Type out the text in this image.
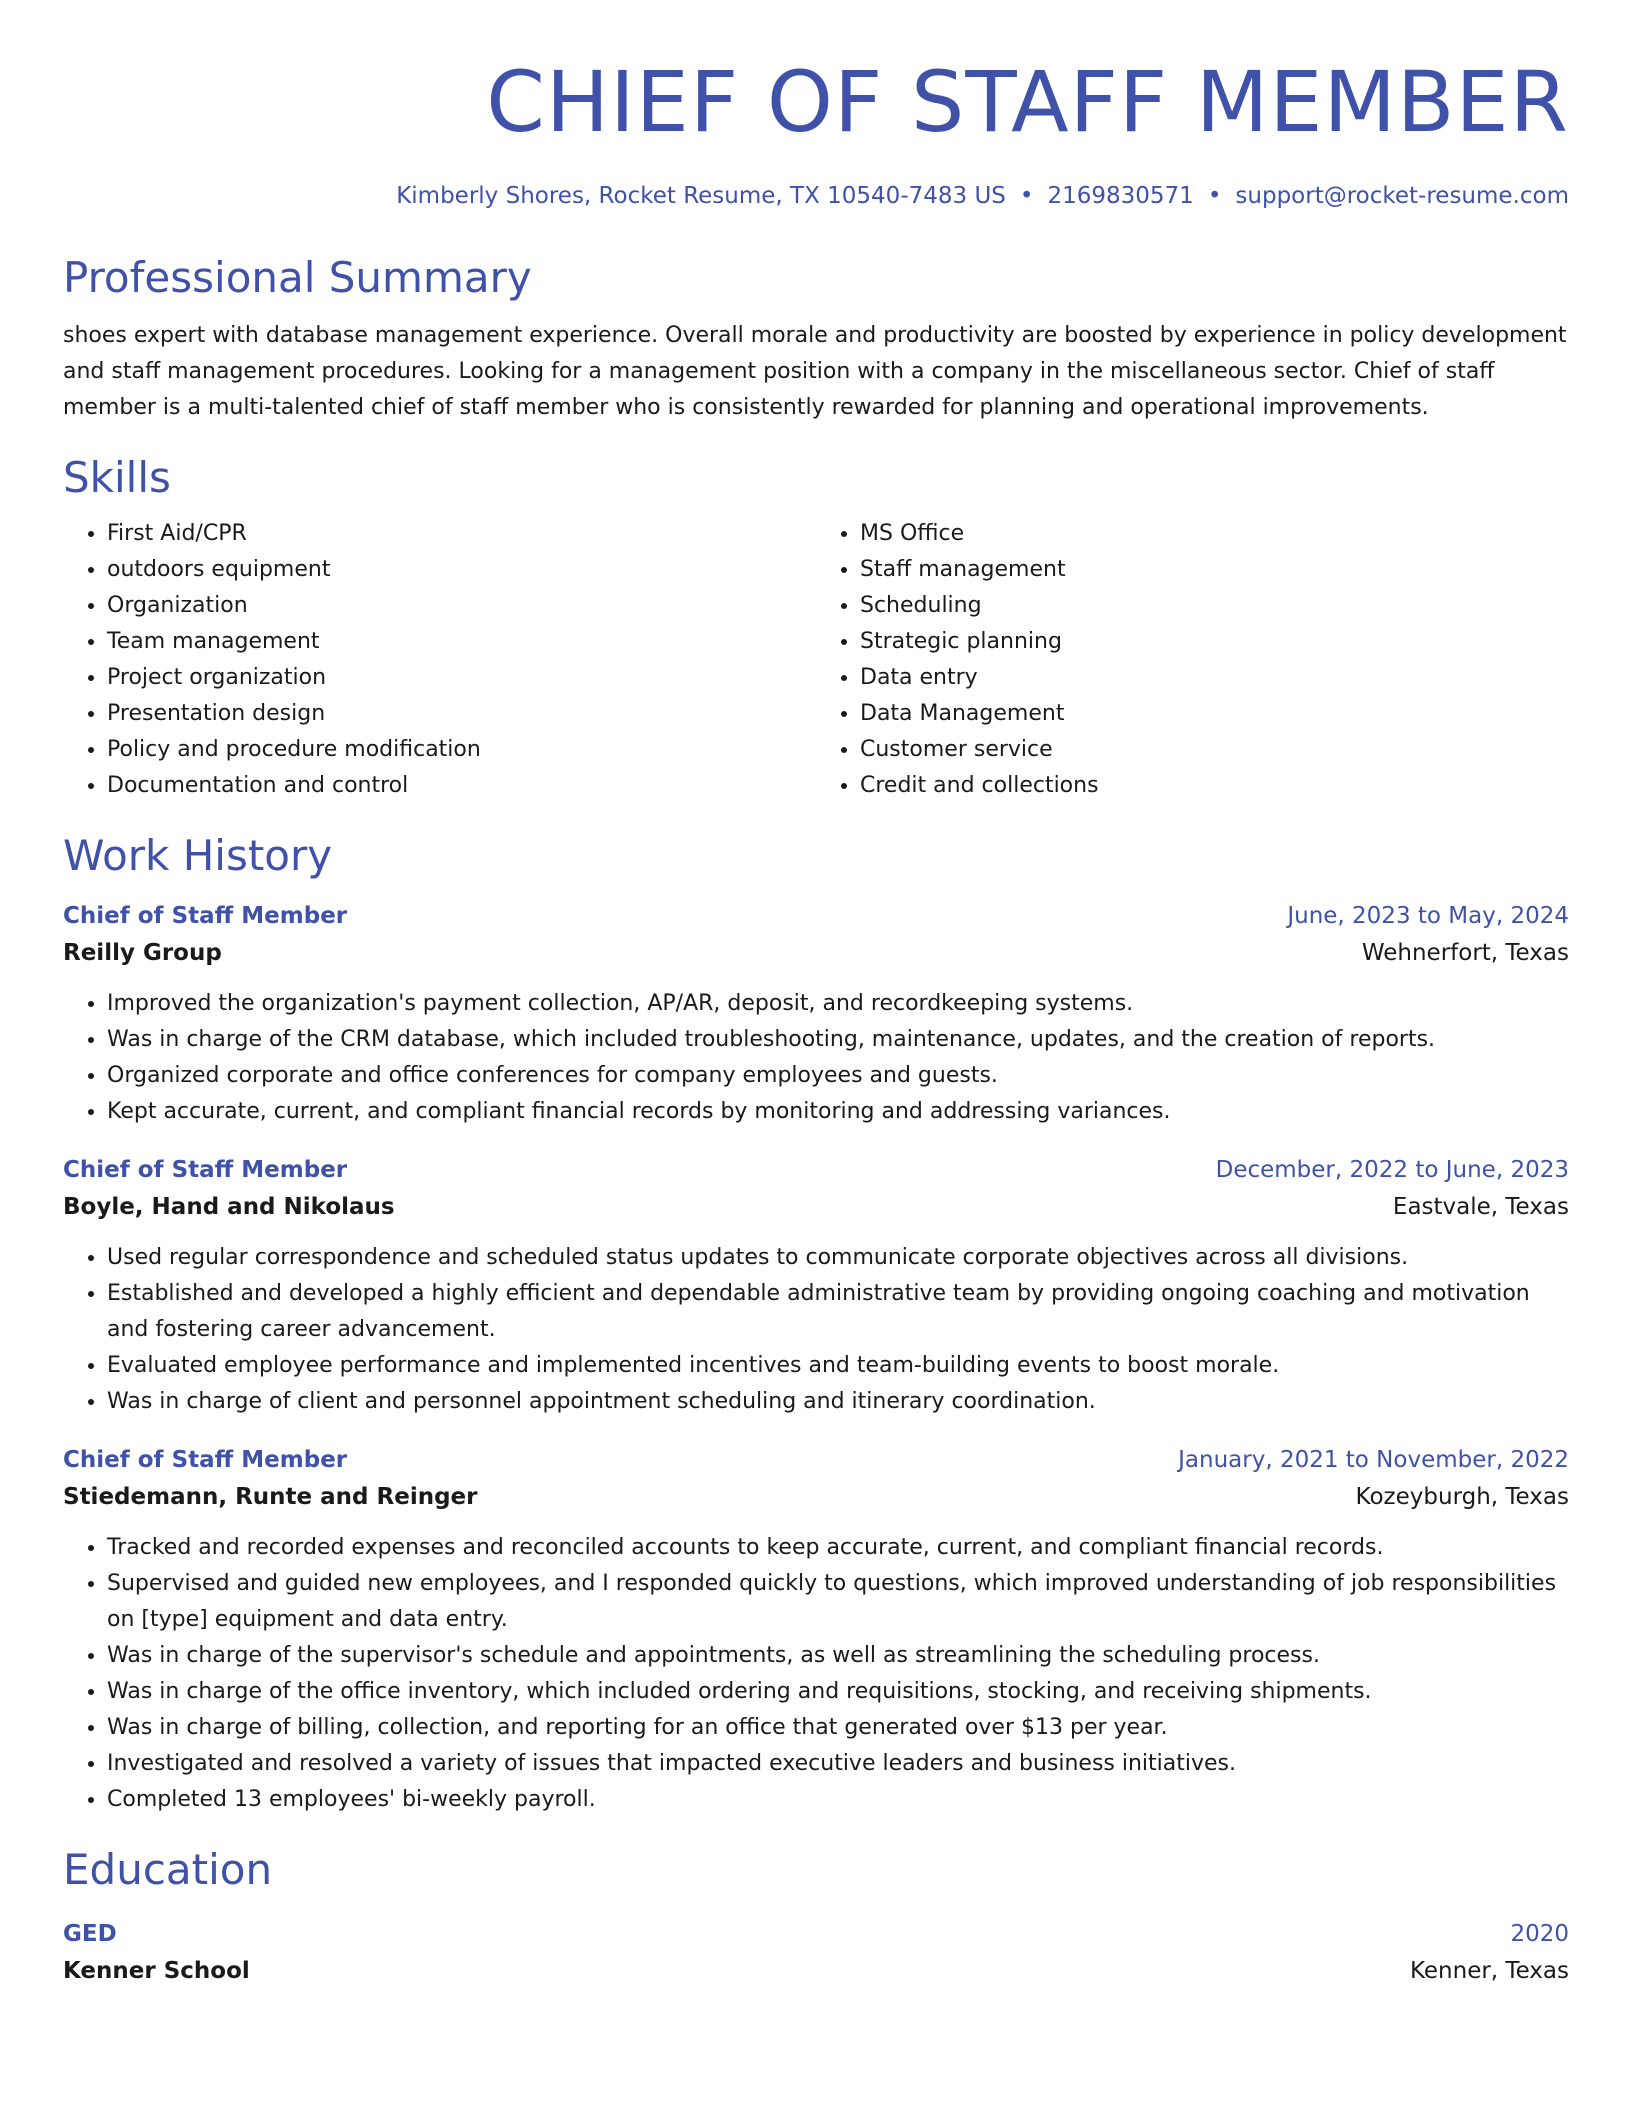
CHIEF OF STAFF MEMBER
Kimberly Shores, Rocket Resume, TX 10540-7483 US • 2169830571 • support@rocket-resume.com
Professional Summary

shoes expert with database management experience. Overall morale and productivity are boosted by experience in policy development and staff management procedures. Looking for a management position with a company in the miscellaneous sector. Chief of staff member is a multi-talented chief of staff member who is consistently rewarded for planning and operational improvements.

Skills
• First Aid/CPR
• outdoors equipment
• Organization
• Team management
• Project organization
• Presentation design
• Policy and procedure modification
• Documentation and control
• MS Office
• Staff management
• Scheduling
• Strategic planning
• Data entry
• Data Management
• Customer service
• Credit and collections
Work History
Chief of Staff Member	June, 2023 to May, 2024
Reilly Group	Wehnerfort, Texas
• Improved the organization's payment collection, AP/AR, deposit, and recordkeeping systems.
• Was in charge of the CRM database, which included troubleshooting, maintenance, updates, and the creation of reports.
• Organized corporate and office conferences for company employees and guests.
• Kept accurate, current, and compliant financial records by monitoring and addressing variances.
Chief of Staff Member	December, 2022 to June, 2023
Boyle, Hand and Nikolaus	Eastvale, Texas
• Used regular correspondence and scheduled status updates to communicate corporate objectives across all divisions.
• Established and developed a highly efficient and dependable administrative team by providing ongoing coaching and motivation and fostering career advancement.
• Evaluated employee performance and implemented incentives and team-building events to boost morale.
• Was in charge of client and personnel appointment scheduling and itinerary coordination.
Chief of Staff Member	January, 2021 to November, 2022
Stiedemann, Runte and Reinger	Kozeyburgh, Texas
• Tracked and recorded expenses and reconciled accounts to keep accurate, current, and compliant financial records.
• Supervised and guided new employees, and I responded quickly to questions, which improved understanding of job responsibilities on [type] equipment and data entry.
• Was in charge of the supervisor's schedule and appointments, as well as streamlining the scheduling process.
• Was in charge of the office inventory, which included ordering and requisitions, stocking, and receiving shipments.
• Was in charge of billing, collection, and reporting for an office that generated over $13 per year.
• Investigated and resolved a variety of issues that impacted executive leaders and business initiatives.
• Completed 13 employees' bi-weekly payroll.
Education
GED	2020
Kenner School	Kenner, Texas
